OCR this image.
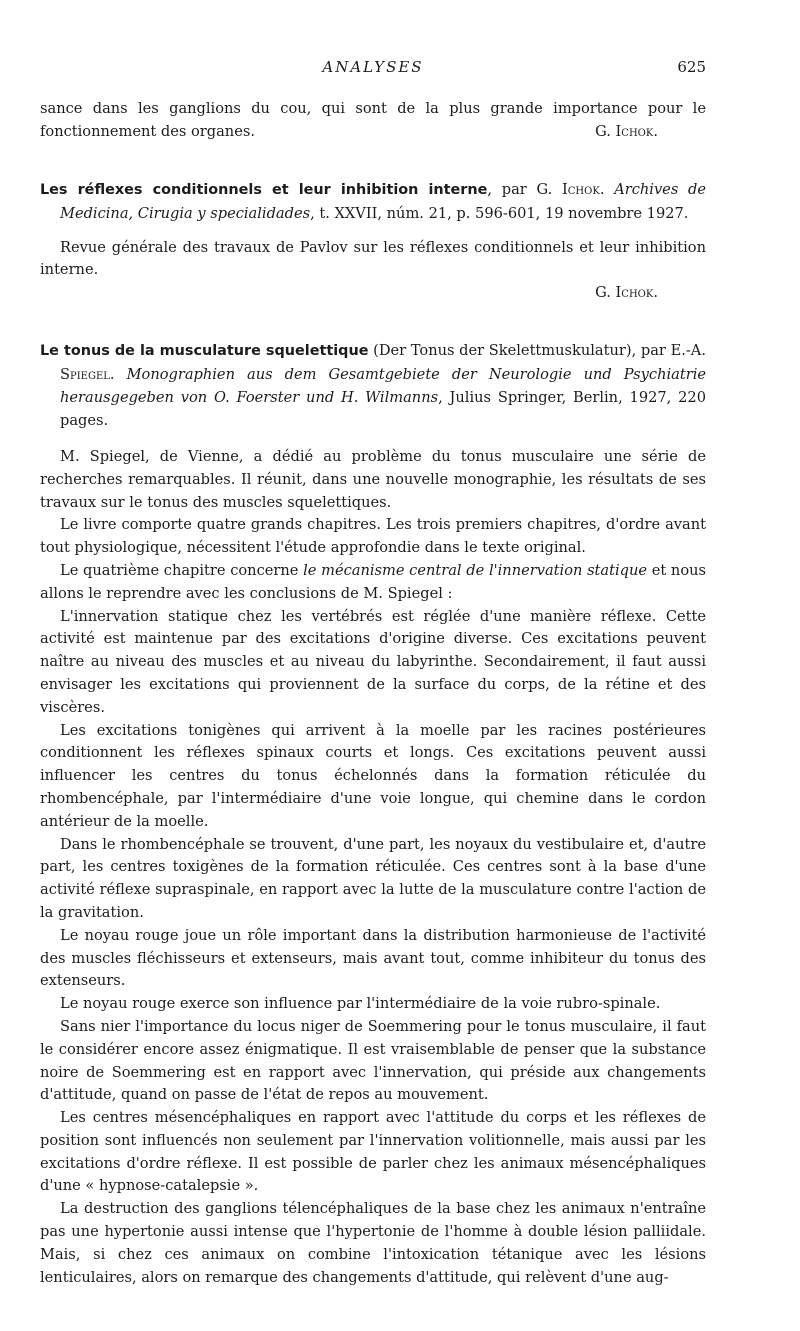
ANALYSES	625

sance dans les ganglions du cou, qui sont de la plus grande importance pour le fonctionnement des organes.	G. Ichok.

Les réflexes conditionnels et leur inhibition interne, par G. Ichok. Archives de Medicina, Cirugia y specialidades, t. XXVII, núm. 21, p. 596-601, 19 novembre 1927.

Revue générale des travaux de Pavlov sur les réflexes conditionnels et leur inhibition interne.

G. Ichok.

Le tonus de la musculature squelettique (Der Tonus der Skelettmuskulatur), par E.-A. Spiegel. Monographien aus dem Gesamtgebiete der Neurologie und Psychiatrie herausgegeben von O. Foerster und H. Wilmanns, Julius Springer, Berlin, 1927, 220 pages.

M. Spiegel, de Vienne, a dédié au problème du tonus musculaire une série de recherches remarquables. Il réunit, dans une nouvelle monographie, les résultats de ses travaux sur le tonus des muscles squelettiques.

Le livre comporte quatre grands chapitres. Les trois premiers chapitres, d'ordre avant tout physiologique, nécessitent l'étude approfondie dans le texte original.

Le quatrième chapitre concerne le mécanisme central de l'innervation statique et nous allons le reprendre avec les conclusions de M. Spiegel :

L'innervation statique chez les vertébrés est réglée d'une manière réflexe. Cette activité est maintenue par des excitations d'origine diverse. Ces excitations peuvent naître au niveau des muscles et au niveau du labyrinthe. Secondairement, il faut aussi envisager les excitations qui proviennent de la surface du corps, de la rétine et des viscères.

Les excitations tonigènes qui arrivent à la moelle par les racines postérieures conditionnent les réflexes spinaux courts et longs. Ces excitations peuvent aussi influencer les centres du tonus échelonnés dans la formation réticulée du rhombencéphale, par l'intermédiaire d'une voie longue, qui chemine dans le cordon antérieur de la moelle.

Dans le rhombencéphale se trouvent, d'une part, les noyaux du vestibulaire et, d'autre part, les centres toxigènes de la formation réticulée. Ces centres sont à la base d'une activité réflexe supraspinale, en rapport avec la lutte de la musculature contre l'action de la gravitation.

Le noyau rouge joue un rôle important dans la distribution harmonieuse de l'activité des muscles fléchisseurs et extenseurs, mais avant tout, comme inhibiteur du tonus des extenseurs.

Le noyau rouge exerce son influence par l'intermédiaire de la voie rubro-spinale.

Sans nier l'importance du locus niger de Soemmering pour le tonus musculaire, il faut le considérer encore assez énigmatique. Il est vraisemblable de penser que la substance noire de Soemmering est en rapport avec l'innervation, qui préside aux changements d'attitude, quand on passe de l'état de repos au mouvement.

Les centres mésencéphaliques en rapport avec l'attitude du corps et les réflexes de position sont influencés non seulement par l'innervation volitionnelle, mais aussi par les excitations d'ordre réflexe. Il est possible de parler chez les animaux mésencéphaliques d'une « hypnose-catalepsie ».

La destruction des ganglions télencéphaliques de la base chez les animaux n'entraîne pas une hypertonie aussi intense que l'hypertonie de l'homme à double lésion palliidale. Mais, si chez ces animaux on combine l'intoxication tétanique avec les lésions lenticulaires, alors on remarque des changements d'attitude, qui relèvent d'une aug-
